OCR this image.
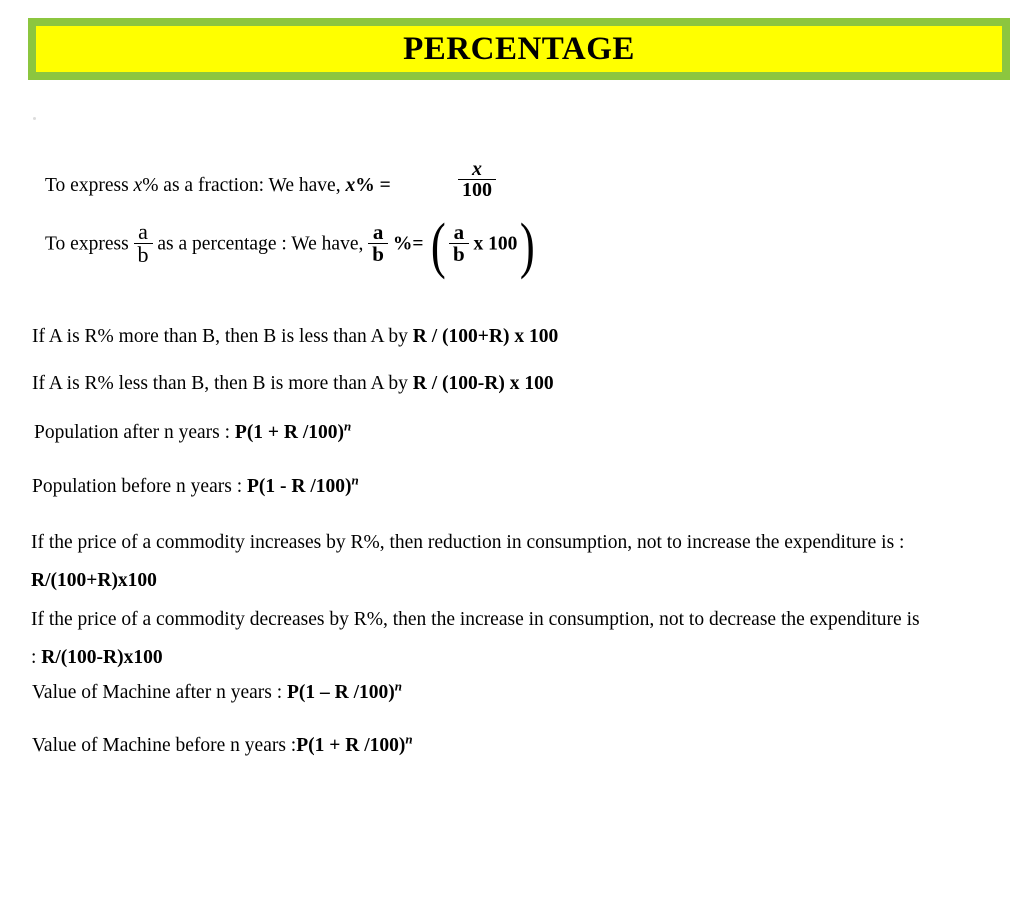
PERCENTAGE
To express x% as a fraction: We have, x% =	$\frac{x}{100}$
To express $\frac{a}{b}$ as a percentage : We have, $\frac{a}{b}$ %= ( $\frac{a}{b}$ x 100)
If A is R% more than B, then B is less than A by R / (100+R) x 100
If A is R% less than B, then B is more than A by R / (100-R) x 100
Population after n years : P(1 + R /100)$^n$
Population before n years : P(1 - R /100)$^n$
If the price of a commodity increases by R%, then reduction in consumption, not to increase the expenditure is : R/(100+R)x100
If the price of a commodity decreases by R%, then the increase in consumption, not to decrease the expenditure is : R/(100-R)x100
Value of Machine after n years : P(1 – R /100)$^n$
Value of Machine before n years :P(1 + R /100)$^n$
